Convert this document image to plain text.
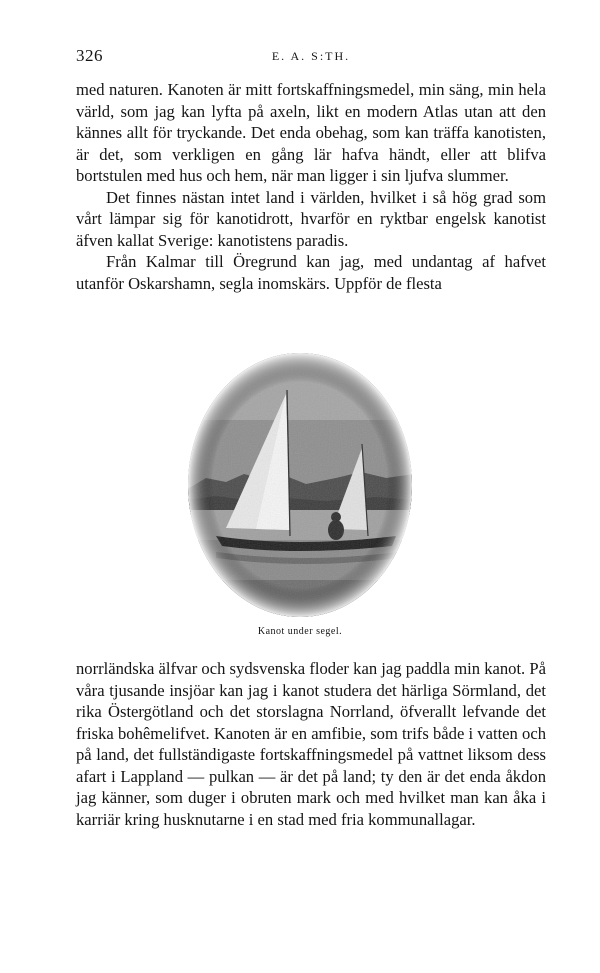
326	E. A. S:TH.

med naturen. Kanoten är mitt fortskaffningsmedel, min säng, min hela värld, som jag kan lyfta på axeln, likt en modern Atlas utan att den kännes allt för tryckande. Det enda obehag, som kan träffa kanotisten, är det, som verkligen en gång lär hafva händt, eller att blifva bortstulen med hus och hem, när man ligger i sin ljufva slummer.

Det finnes nästan intet land i världen, hvilket i så hög grad som vårt lämpar sig för kanotidrott, hvarför en ryktbar engelsk kanotist äfven kallat Sverige: kanotistens paradis.

Från Kalmar till Öregrund kan jag, med undantag af hafvet utanför Oskarshamn, segla inomskärs. Uppför de flesta

Kanot under segel.

norrländska älfvar och sydsvenska floder kan jag paddla min kanot. På våra tjusande insjöar kan jag i kanot studera det härliga Sörmland, det rika Östergötland och det storslagna Norrland, öfverallt lefvande det friska bohêmelifvet. Kanoten är en amfibie, som trifs både i vatten och på land, det fullständigaste fortskaffningsmedel på vattnet liksom dess afart i Lappland — pulkan — är det på land; ty den är det enda åkdon jag känner, som duger i obruten mark och med hvilket man kan åka i karriär kring husknutarne i en stad med fria kommunallagar.
